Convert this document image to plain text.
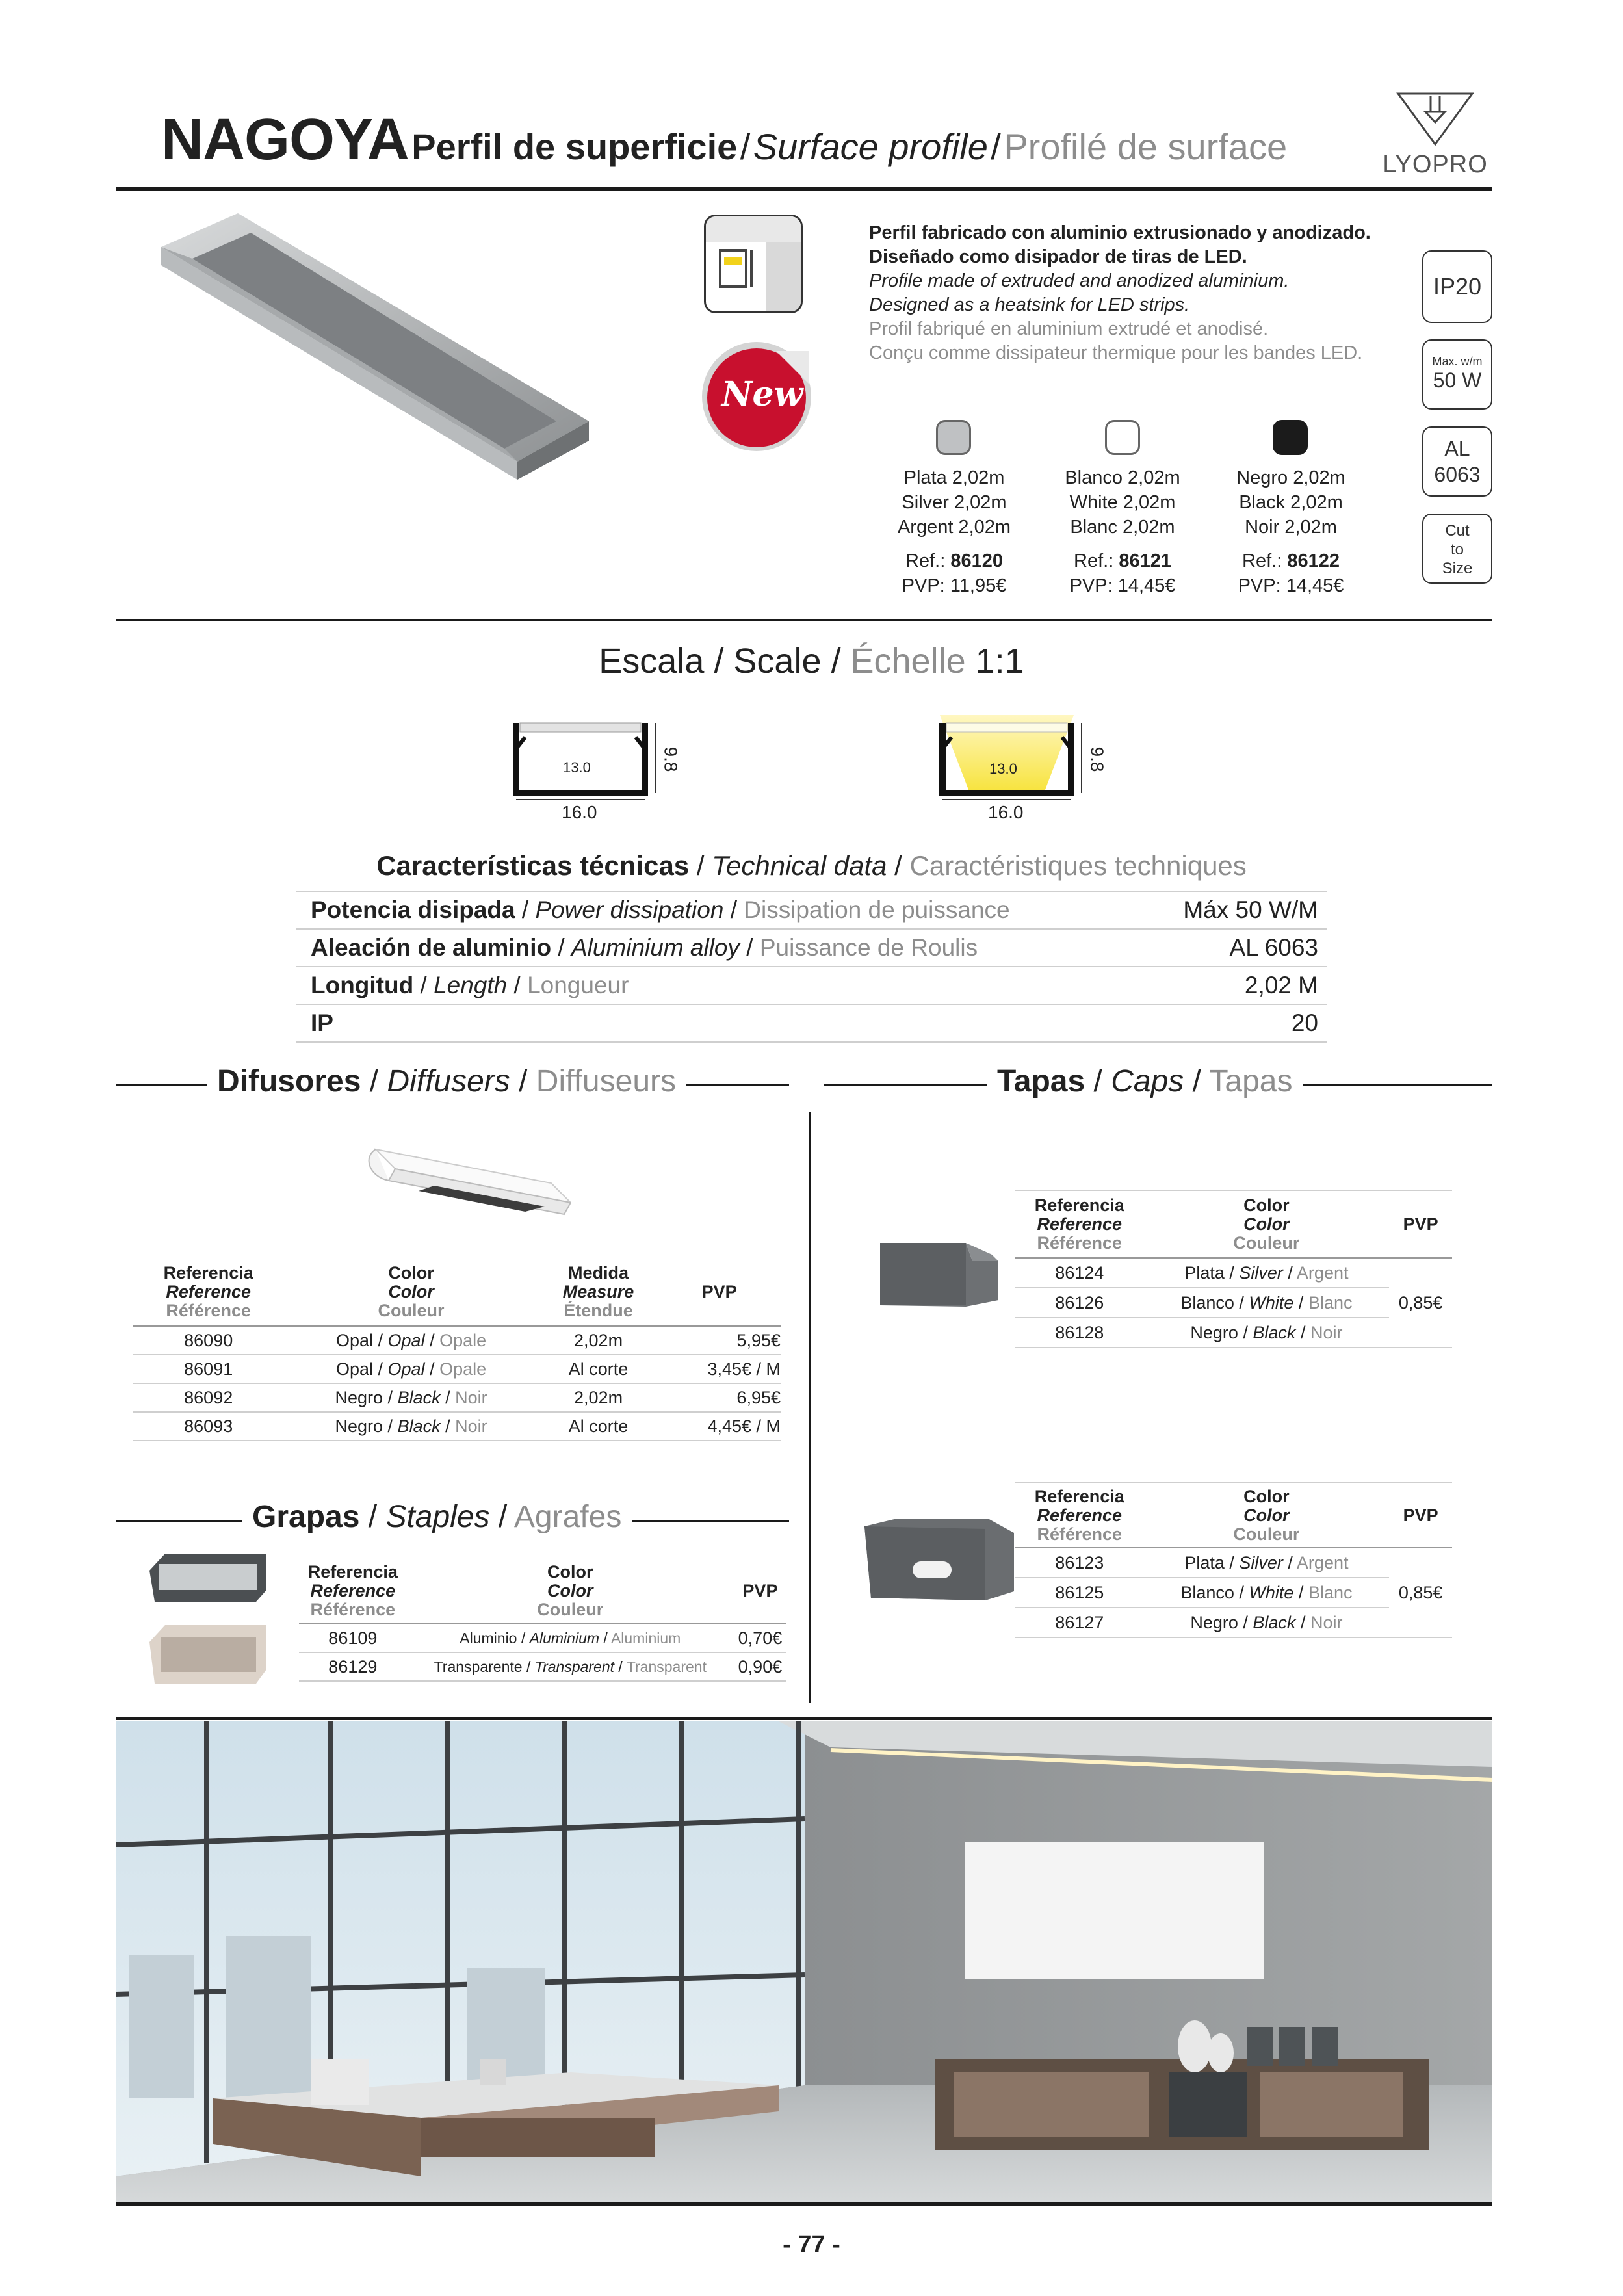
NAGOYA Perfil de superficie / Surface profile / Profilé de surface	LYOPRO
New
Perfil fabricado con aluminio extrusionado y anodizado.
Diseñado como disipador de tiras de LED.
Profile made of extruded and anodized aluminium.
Designed as a heatsink for LED strips.
Profil fabriqué en aluminium extrudé et anodisé.
Conçu comme dissipateur thermique pour les bandes LED.
IP20
Max. w/m
50 W
AL
6063
Cut
to
Size
Plata 2,02m
Silver 2,02m
Argent 2,02m
Ref.: 86120
PVP: 11,95€
Blanco 2,02m
White 2,02m
Blanc 2,02m
Ref.: 86121
PVP: 14,45€
Negro 2,02m
Black 2,02m
Noir 2,02m
Ref.: 86122
PVP: 14,45€
Escala / Scale / Échelle 1:1
13.0
16.0
9.8	13.0
16.0
9.8
Características técnicas / Technical data / Caractéristiques techniques
Potencia disipada / Power dissipation / Dissipation de puissance	Máx 50 W/M
Aleación de aluminio / Aluminium alloy / Puissance de Roulis	AL 6063
Longitud / Length / Longueur	2,02 M
IP	20
Difusores / Diffusers / Diffuseurs
Referencia
Reference
Référence	Color
Color
Couleur	Medida
Measure
Étendue	PVP
86090	Opal / Opal / Opale	2,02m	5,95€
86091	Opal / Opal / Opale	Al corte	3,45€ / M
86092	Negro / Black / Noir	2,02m	6,95€
86093	Negro / Black / Noir	Al corte	4,45€ / M
Grapas / Staples / Agrafes
Referencia
Reference
Référence	Color
Color
Couleur	PVP
86109	Aluminio / Aluminium / Aluminium	0,70€
86129	Transparente / Transparent / Transparent	0,90€
Tapas / Caps / Tapas
Referencia
Reference
Référence	Color
Color
Couleur	PVP
86124	Plata / Silver / Argent	0,85€
86126	Blanco / White / Blanc	
86128	Negro / Black / Noir	
Referencia
Reference
Référence	Color
Color
Couleur	PVP
86123	Plata / Silver / Argent	0,85€
86125	Blanco / White / Blanc	
86127	Negro / Black / Noir	
- 77 -
